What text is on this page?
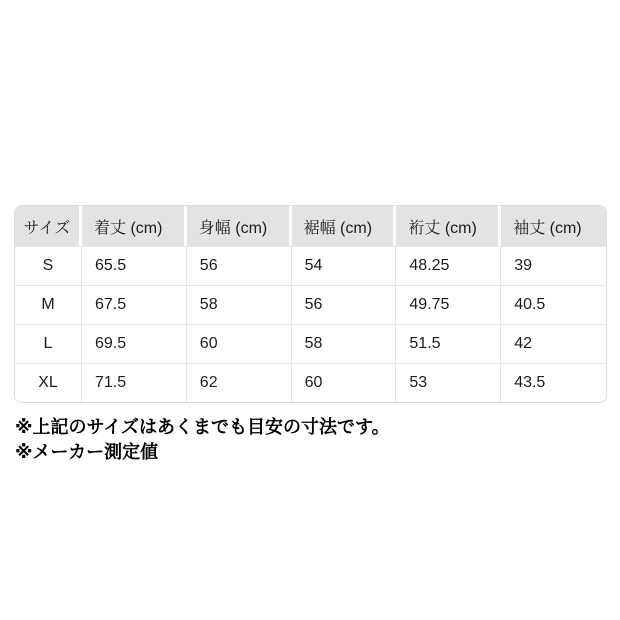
サイズ	着丈 (cm)	身幅 (cm)	裾幅 (cm)	裄丈 (cm)	袖丈 (cm)
S	65.5	56	54	48.25	39
M	67.5	58	56	49.75	40.5
L	69.5	60	58	51.5	42
XL	71.5	62	60	53	43.5

※上記のサイズはあくまでも目安の寸法です。

※メーカー測定値
